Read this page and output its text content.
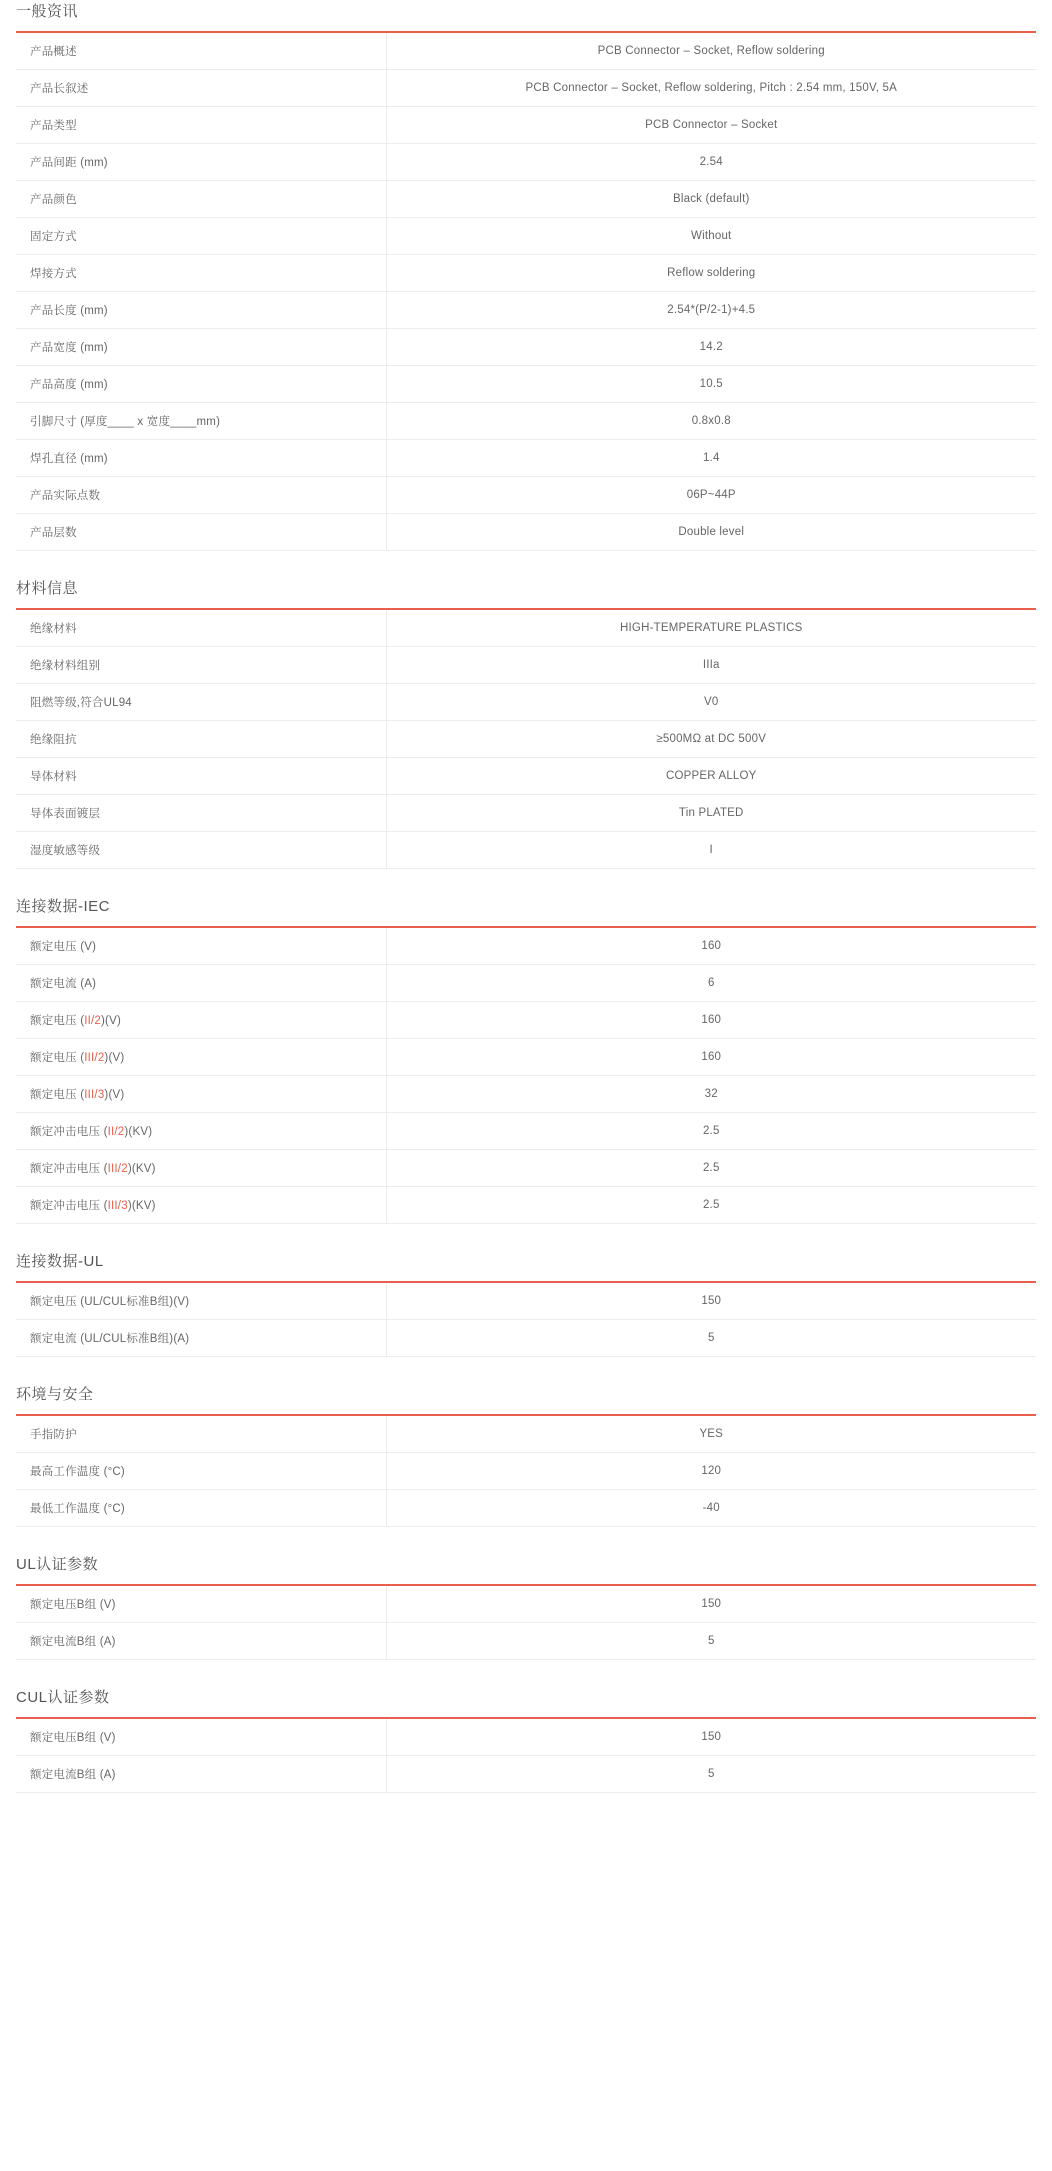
一般资讯
产品概述	PCB Connector – Socket, Reflow soldering
产品长叙述	PCB Connector – Socket, Reflow soldering, Pitch : 2.54 mm, 150V, 5A
产品类型	PCB Connector – Socket
产品间距 (mm)	2.54
产品颜色	Black (default)
固定方式	Without
焊接方式	Reflow soldering
产品长度 (mm)	2.54*(P/2-1)+4.5
产品宽度 (mm)	14.2
产品高度 (mm)	10.5
引脚尺寸 (厚度____ x 宽度____mm)	0.8x0.8
焊孔直径 (mm)	1.4
产品实际点数	06P~44P
产品层数	Double level
材料信息
绝缘材料	HIGH-TEMPERATURE PLASTICS
绝缘材料组别	IIIa
阻燃等级,符合UL94	V0
绝缘阻抗	≥500MΩ at DC 500V
导体材料	COPPER ALLOY
导体表面镀层	Tin PLATED
湿度敏感等级	I
连接数据-IEC
额定电压 (V)	160
额定电流 (A)	6
额定电压 (II/2)(V)	160
额定电压 (III/2)(V)	160
额定电压 (III/3)(V)	32
额定冲击电压 (II/2)(KV)	2.5
额定冲击电压 (III/2)(KV)	2.5
额定冲击电压 (III/3)(KV)	2.5
连接数据-UL
额定电压 (UL/CUL标准B组)(V)	150
额定电流 (UL/CUL标准B组)(A)	5
环境与安全
手指防护	YES
最高工作温度 (°C)	120
最低工作温度 (°C)	-40
UL认证参数
额定电压B组 (V)	150
额定电流B组 (A)	5
CUL认证参数
额定电压B组 (V)	150
额定电流B组 (A)	5
